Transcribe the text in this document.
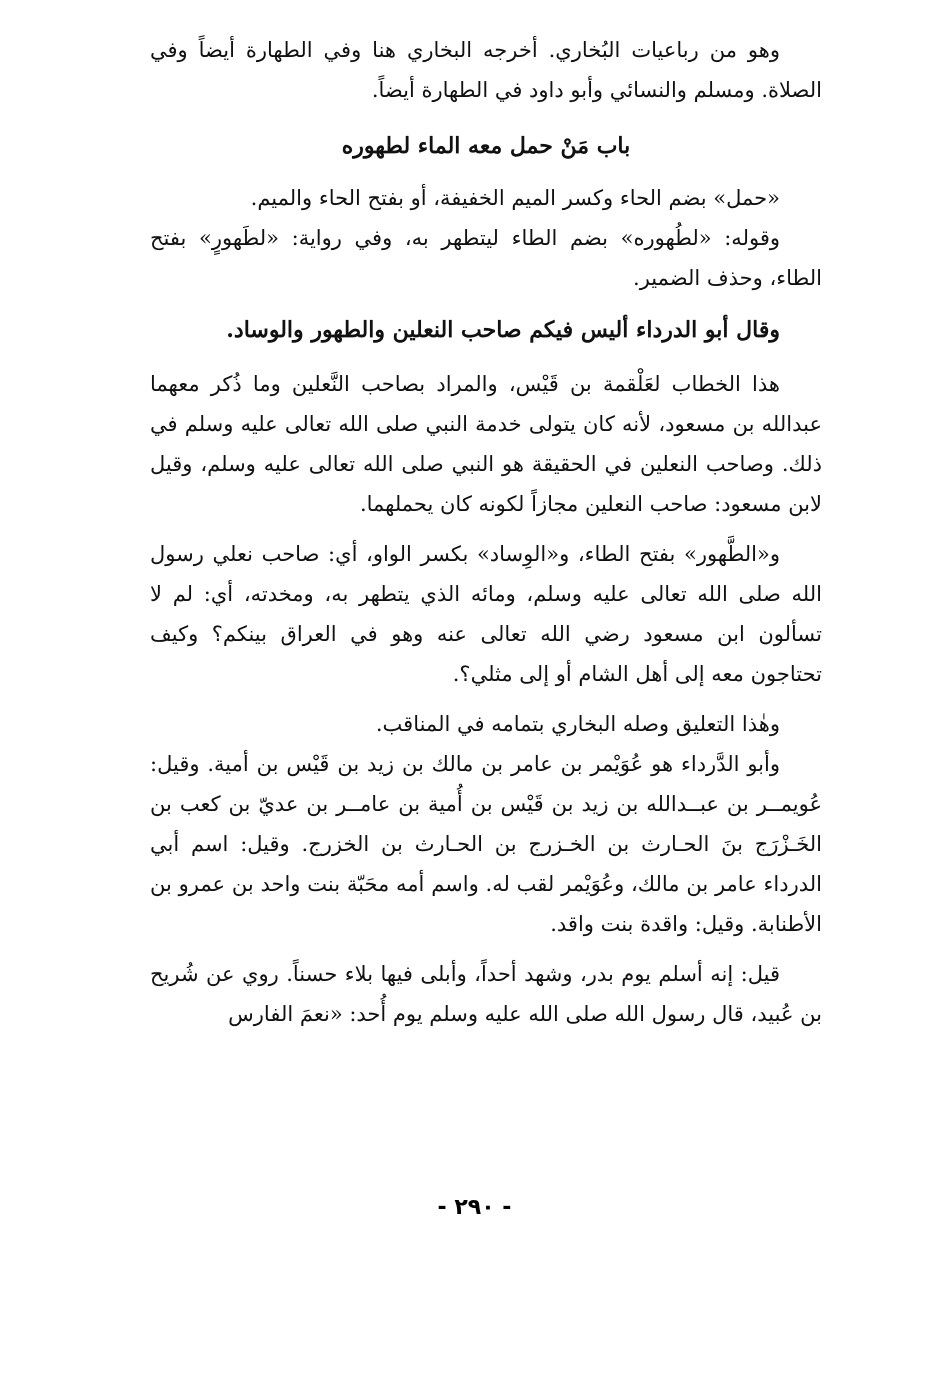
وهو من رباعيات البُخاري. أخرجه البخاري هنا وفي الطهارة أيضاً وفي الصلاة. ومسلم والنسائي وأبو داود في الطهارة أيضاً.

باب مَنْ حمل معه الماء لطهوره

«حمل» بضم الحاء وكسر الميم الخفيفة، أو بفتح الحاء والميم.

وقوله: «لطُهوره» بضم الطاء ليتطهر به، وفي رواية: «لطَهورٍ» بفتح الطاء، وحذف الضمير.

وقال أبو الدرداء أليس فيكم صاحب النعلين والطهور والوساد.

هذا الخطاب لعَلْقمة بن قَيْس، والمراد بصاحب النَّعلين وما ذُكر معهما عبدالله بن مسعود، لأنه كان يتولى خدمة النبي صلى الله تعالى عليه وسلم في ذلك. وصاحب النعلين في الحقيقة هو النبي صلى الله تعالى عليه وسلم، وقيل لابن مسعود: صاحب النعلين مجازاً لكونه كان يحملهما.

و«الطَّهور» بفتح الطاء، و«الوِساد» بكسر الواو، أي: صاحب نعلي رسول الله صلى الله تعالى عليه وسلم، ومائه الذي يتطهر به، ومخدته، أي: لم لا تسألون ابن مسعود رضي الله تعالى عنه وهو في العراق بينكم؟ وكيف تحتاجون معه إلى أهل الشام أو إلى مثلي؟.

وهٰذا التعليق وصله البخاري بتمامه في المناقب.

وأبو الدَّرداء هو عُوَيْمر بن عامر بن مالك بن زيد بن قَيْس بن أمية. وقيل: عُويمــر بن عبــدالله بن زيد بن قَيْس بن أُمية بن عامــر بن عديّ بن كعب بن الخَـزْرَج بنَ الحـارث بن الخـزرج بن الحـارث بن الخزرج. وقيل: اسم أبي الدرداء عامر بن مالك، وعُوَيْمر لقب له. واسم أمه محَبّة بنت واحد بن عمرو بن الأطنابة. وقيل: واقدة بنت واقد.

قيل: إنه أسلم يوم بدر، وشهد أحداً، وأبلى فيها بلاء حسناً. روي عن شُريح بن عُبيد، قال رسول الله صلى الله عليه وسلم يوم أُحد: «نعمَ الفارس

- ٢٩٠ -
